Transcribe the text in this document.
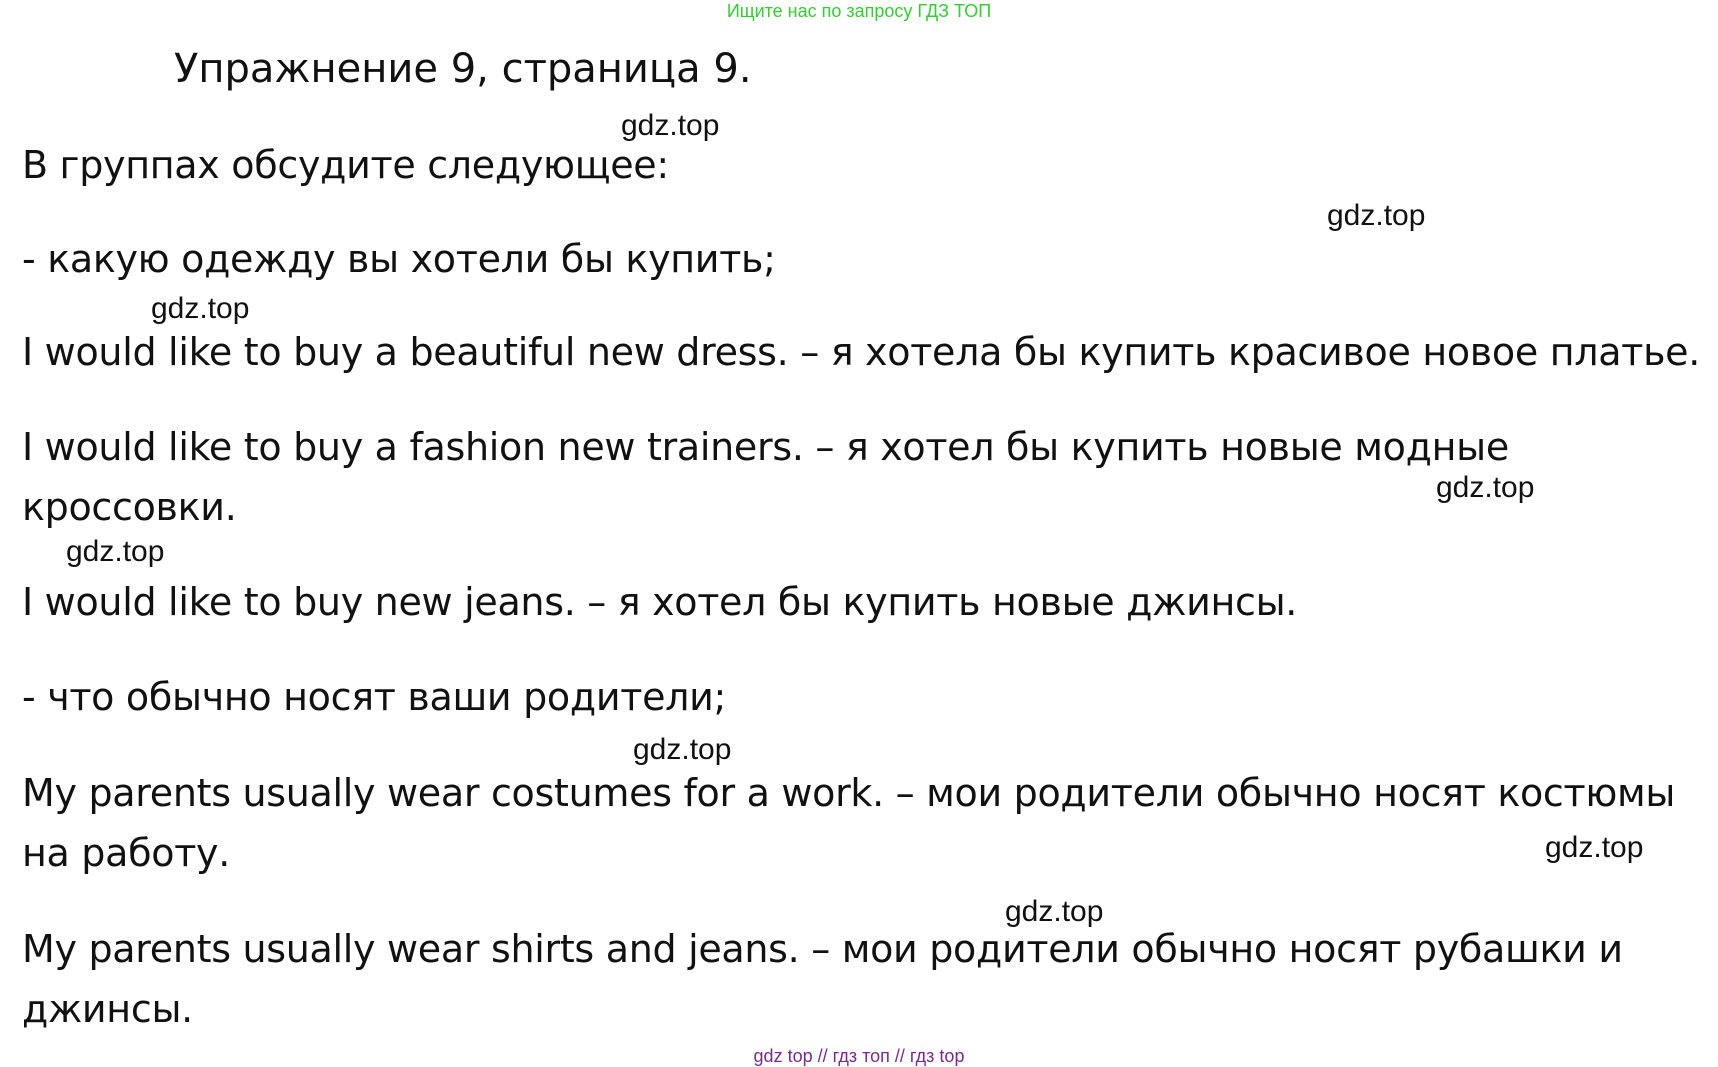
Ищите нас по запросу ГДЗ ТОП
Упражнение 9, страница 9.
gdz.top
В группах обсудите следующее:
gdz.top
- какую одежду вы хотели бы купить;
gdz.top
I would like to buy a beautiful new dress. – я хотела бы купить красивое новое платье.
I would like to buy a fashion new trainers. – я хотел бы купить новые модные
gdz.top
кроссовки.
gdz.top
I would like to buy new jeans. – я хотел бы купить новые джинсы.
- что обычно носят ваши родители;
gdz.top
My parents usually wear costumes for a work. – мои родители обычно носят костюмы
gdz.top
на работу.
gdz.top
My parents usually wear shirts and jeans. – мои родители обычно носят рубашки и
джинсы.
gdz top // гдз топ // гдз top
